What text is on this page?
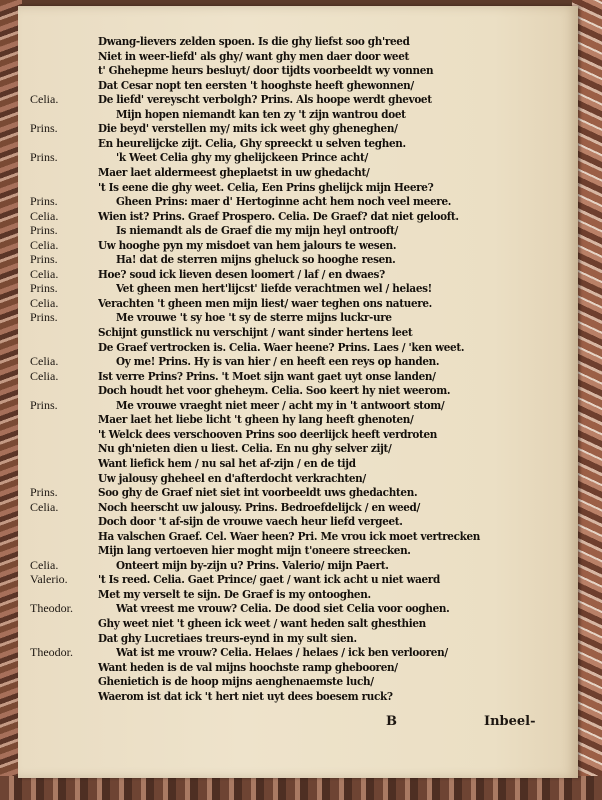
Dwang-lievers zelden spoen. Is die ghy liefst soo gh'reed
Niet in weer-liefd' als ghy/ want ghy men daer door weet
t' Ghehepme heurs besluyt/ door tijdts voorbeeldt wy vonnen
Dat Cesar nopt ten eersten 't hooghste heeft ghewonnen/
Celia.	De liefd' vereyscht verbolgh? Prins. Als hoope werdt ghevoet
Mijn hopen niemandt kan ten zy 't zijn wantrou doet
Prins.	Die beyd' verstellen my/ mits ick weet ghy gheneghen/
En heurelijcke zijt. Celia, Ghy spreeckt u selven teghen.
Prins.	'k Weet Celia ghy my ghelijckeen Prince acht/
Maer laet aldermeest gheplaetst in uw ghedacht/
't Is eene die ghy weet. Celia, Een Prins ghelijck mijn Heere?
Prins.	Gheen Prins: maer d' Hertoginne acht hem noch veel meere.
Celia.	Wien ist? Prins. Graef Prospero. Celia. De Graef? dat niet gelooft.
Prins.	Is niemandt als de Graef die my mijn heyl ontrooft/
Celia.	Uw hooghe pyn my misdoet van hem jalours te wesen.
Prins.	Ha! dat de sterren mijns gheluck so hooghe resen.
Celia.	Hoe? soud ick lieven desen loomert / laf / en dwaes?
Prins.	Vet gheen men hert'lijcst' liefde verachtmen wel / helaes!
Celia.	Verachten 't gheen men mijn liest/ waer teghen ons natuere.
Prins.	Me vrouwe 't sy hoe 't sy de sterre mijns luckr-ure
Schijnt gunstlick nu verschijnt / want sinder hertens leet
De Graef vertrocken is. Celia. Waer heene? Prins. Laes / 'ken weet.
Celia.	Oy me! Prins. Hy is van hier / en heeft een reys op handen.
Celia.	Ist verre Prins? Prins. 't Moet sijn want gaet uyt onse landen/
Doch houdt het voor gheheym. Celia. Soo keert hy niet weerom.
Prins.	Me vrouwe vraeght niet meer / acht my in 't antwoort stom/
Maer laet het liebe licht 't gheen hy lang heeft ghenoten/
't Welck dees verschooven Prins soo deerlijck heeft verdroten
Nu gh'nieten dien u liest. Celia. En nu ghy selver zijt/
Want liefick hem / nu sal het af-zijn / en de tijd
Uw jalousy gheheel en d'afterdocht verkrachten/
Prins.	Soo ghy de Graef niet siet int voorbeeldt uws ghedachten.
Celia.	Noch heerscht uw jalousy. Prins. Bedroefdelijck / en weed/
Doch door 't af-sijn de vrouwe vaech heur liefd vergeet.
Ha valschen Graef. Cel. Waer heen? Pri. Me vrou ick moet vertrecken
Mijn lang vertoeven hier moght mijn t'oneere streecken.
Celia.	Onteert mijn by-zijn u? Prins. Valerio/ mijn Paert.
Valerio.	't Is reed. Celia. Gaet Prince/ gaet / want ick acht u niet waerd
Met my verselt te sijn. De Graef is my ontooghen.
Theodor.	Wat vreest me vrouw? Celia. De dood siet Celia voor ooghen.
Ghy weet niet 't gheen ick weet / want heden salt ghesthien
Dat ghy Lucretiaes treurs-eynd in my sult sien.
Theodor.	Wat ist me vrouw? Celia. Helaes / helaes / ick ben verlooren/
Want heden is de val mijns hoochste ramp ghebooren/
Ghenietich is de hoop mijns aenghenaemste luch/
Waerom ist dat ick 't hert niet uyt dees boesem ruck?
B	Inbeel-
